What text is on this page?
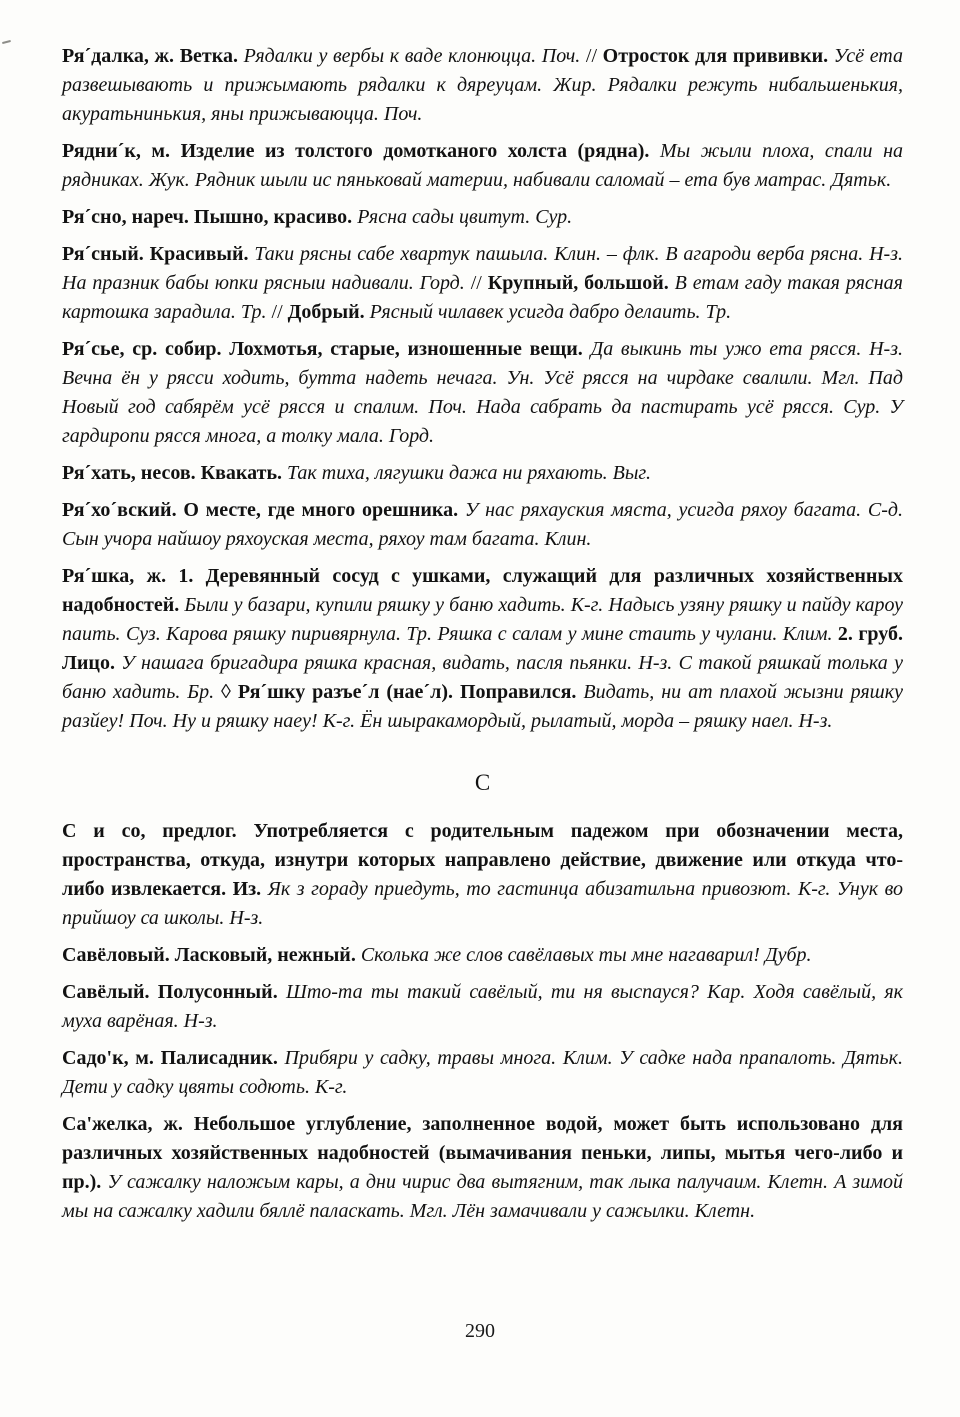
Ря´далка, ж. Ветка. Рядалки у вербы к ваде клонюцца. Поч. // Отросток для прививки. Усё ета развешывають и прижымають рядалки к дяреуцам. Жир. Рядалки режуть нибальшенькия, акуратьнинькия, яны прижываюцца. Поч.

Рядни´к, м. Изделие из толстого домотканого холста (рядна). Мы жыли плоха, спали на рядниках. Жук. Рядник шыли ис пяньковай материи, набивали саломай – ета був матрас. Дятьк.

Ря´сно, нареч. Пышно, красиво. Рясна сады цвитут. Сур.

Ря´сный. Красивый. Таки рясны сабе хвартук пашыла. Клин. – флк. В агароди верба рясна. Н-з. На празник бабы юпки рясныи надивали. Горд. // Крупный, большой. В етам гаду такая рясная картошка зарадила. Тр. // Добрый. Рясный чилавек усигда дабро делаить. Тр.

Ря´сье, ср. собир. Лохмотья, старые, изношенные вещи. Да выкинь ты ужо ета рясся. Н-з. Вечна ён у рясси ходить, бутта надеть нечага. Ун. Усё рясся на чирдаке свалили. Мгл. Пад Новый год сабярём усё рясся и спалим. Поч. Нада сабрать да пастирать усё рясся. Сур. У гардиропи рясся многа, а толку мала. Горд.

Ря´хать, несов. Квакать. Так тиха, лягушки дажа ни ряхають. Выг.

Ря´хо´вский. О месте, где много орешника. У нас ряхауския мяста, усигда ряхоу багата. С-д. Сын учора найшоу ряхоуская места, ряхоу там багата. Клин.

Ря´шка, ж. 1. Деревянный сосуд с ушками, служащий для различных хозяйственных надобностей. Были у базари, купили ряшку у баню хадить. К-г. Надысь узяну ряшку и пайду кароу паить. Суз. Карова ряшку пиривярнула. Тр. Ряшка с салам у мине стаить у чулани. Клим. 2. груб. Лицо. У нашага бригадира ряшка красная, видать, пасля пьянки. Н-з. С такой ряшкай толька у баню хадить. Бр. ◊ Ря´шку разъе´л (нае´л). Поправился. Видать, ни ат плахой жызни ряшку разйеу! Поч. Ну и ряшку наеу! К-г. Ён шыракамордый, рылатый, морда – ряшку наел. Н-з.

С

С и со, предлог. Употребляется с родительным падежом при обозначении места, пространства, откуда, изнутри которых направлено действие, движение или откуда что-либо извлекается. Из. Як з гораду приедуть, то гастинца абизатильна привозют. К-г. Унук во прийшоу са школы. Н-з.

Савёловый. Ласковый, нежный. Сколька же слов савёлавых ты мне нагаварил! Дубр.

Савёлый. Полусонный. Што-та ты такий савёлый, ти ня выспауся? Кар. Ходя савёлый, як муха варёная. Н-з.

Садо'к, м. Палисадник. Прибяри у садку, травы многа. Клим. У садке нада прапалоть. Дятьк. Дети у садку цвяты содють. К-г.

Са'желка, ж. Небольшое углубление, заполненное водой, может быть использовано для различных хозяйственных надобностей (вымачивания пеньки, липы, мытья чего-либо и пр.). У сажалку наложым кары, а дни чирис два вытягним, так лыка палучаим. Клетн. А зимой мы на сажалку хадили бяллё паласкать. Мгл. Лён замачивали у сажылки. Клетн.

290
